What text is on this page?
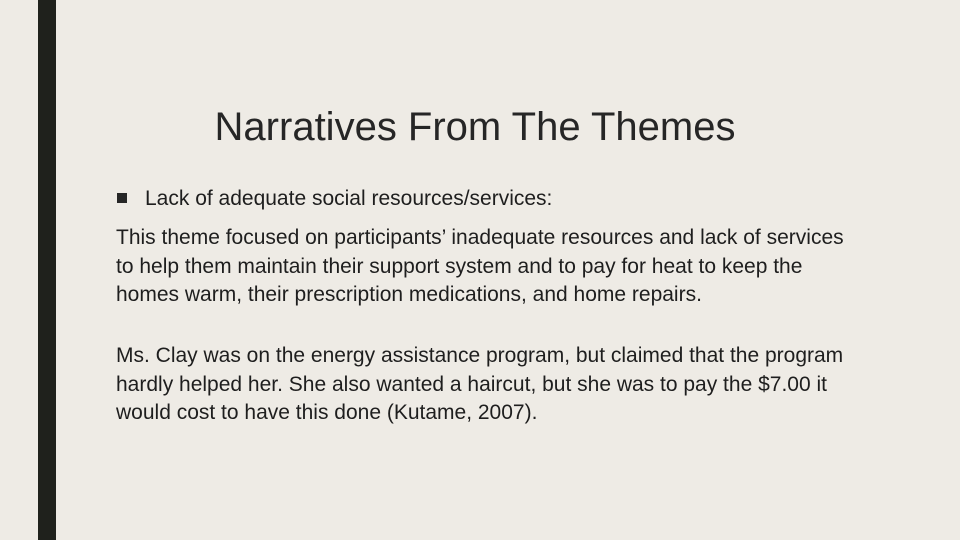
Narratives From The Themes
Lack of adequate social resources/services:

This theme focused on participants’ inadequate resources and lack of services to help them maintain their support system and to pay for heat to keep the homes warm, their prescription medications, and home repairs.

Ms. Clay was on the energy assistance program, but claimed that the program hardly helped her. She also wanted a haircut, but she was to pay the $7.00 it would cost to have this done (Kutame, 2007).
